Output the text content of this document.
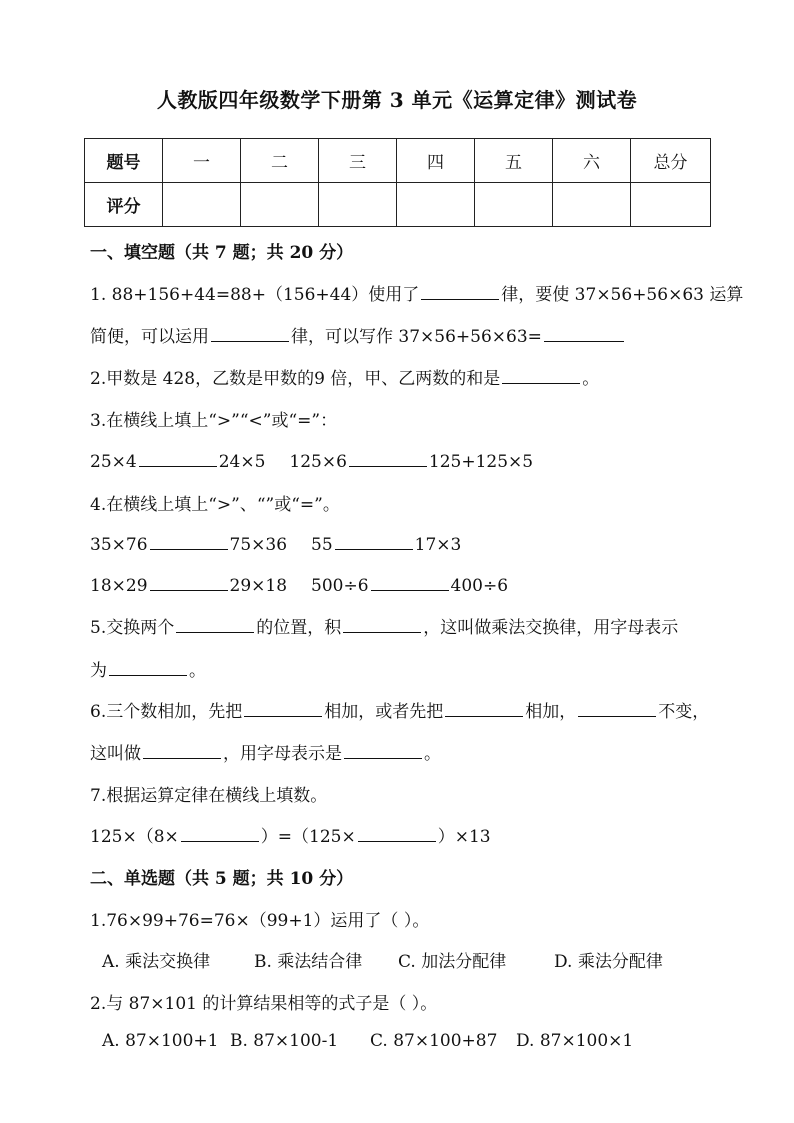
人教版四年级数学下册第 3 单元《运算定律》测试卷
题号	一	二	三	四	五	六	总分
评分							
一、填空题（共 7 题；共 20 分）
1. 88+156+44=88+（156+44）使用了	律，要使 37×56+56×63 运算
简便，可以运用	律，可以写作 37×56+56×63=
2.甲数是 428，乙数是甲数的9 倍，甲、乙两数的和是	。
3.在横线上填上“>”“<”或“=”：
25×4	24×5 125×6	125+125×5
4.在横线上填上“>”、“”或“=”。
35×76	75×36 55	17×3
18×29	29×18 500÷6	400÷6
5.交换两个	的位置，积	，这叫做乘法交换律，用字母表示
为	。
6.三个数相加，先把	相加，或者先把	相加，	不变，
这叫做	，用字母表示是	。
7.根据运算定律在横线上填数。
125×（8×	）=（125×	）×13
二、单选题（共 5 题；共 10 分）
1.76×99+76=76×（99+1）运用了（ ）。
A. 乘法交换律	B. 乘法结合律 C. 加法分配律	D. 乘法分配律
2.与 87×101 的计算结果相等的式子是（ ）。
A. 87×100+1 B. 87×100-1 C. 87×100+87 D. 87×100×1
